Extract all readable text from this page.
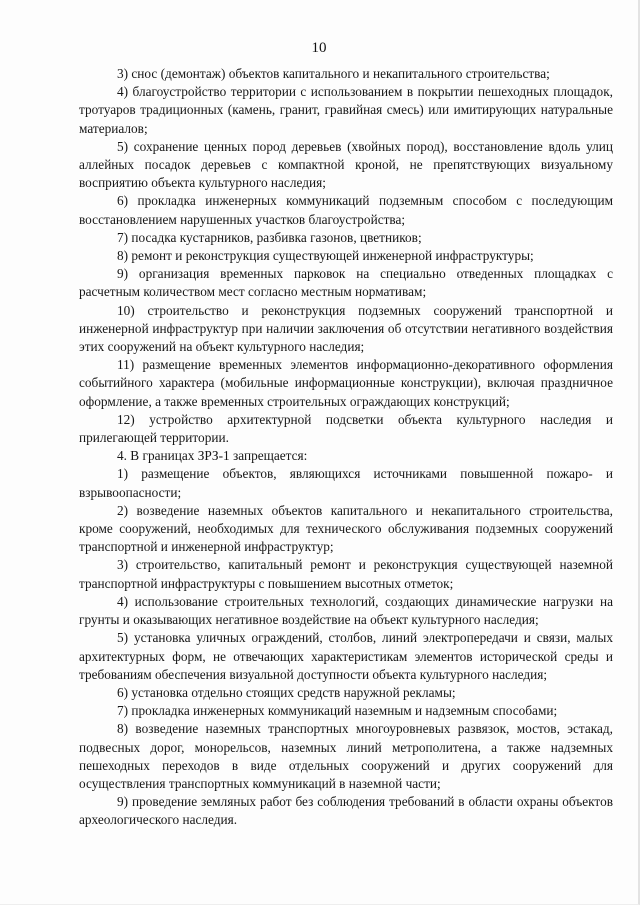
10

3) снос (демонтаж) объектов капитального и некапитального строительства;

4) благоустройство территории с использованием в покрытии пешеходных площадок, тротуаров традиционных (камень, гранит, гравийная смесь) или имитирующих натуральные материалов;

5) сохранение ценных пород деревьев (хвойных пород), восстановление вдоль улиц аллейных посадок деревьев с компактной кроной, не препятствующих визуальному восприятию объекта культурного наследия;

6) прокладка инженерных коммуникаций подземным способом с последующим восстановлением нарушенных участков благоустройства;

7) посадка кустарников, разбивка газонов, цветников;

8) ремонт и реконструкция существующей инженерной инфраструктуры;

9) организация временных парковок на специально отведенных площадках с расчетным количеством мест согласно местным нормативам;

10) строительство и реконструкция подземных сооружений транспортной и инженерной инфраструктур при наличии заключения об отсутствии негативного воздействия этих сооружений на объект культурного наследия;

11) размещение временных элементов информационно-декоративного оформления событийного характера (мобильные информационные конструкции), включая праздничное оформление, а также временных строительных ограждающих конструкций;

12) устройство архитектурной подсветки объекта культурного наследия и прилегающей территории.

4. В границах ЗРЗ-1 запрещается:

1) размещение объектов, являющихся источниками повышенной пожаро- и взрывоопасности;

2) возведение наземных объектов капитального и некапитального строительства, кроме сооружений, необходимых для технического обслуживания подземных сооружений транспортной и инженерной инфраструктур;

3) строительство, капитальный ремонт и реконструкция существующей наземной транспортной инфраструктуры с повышением высотных отметок;

4) использование строительных технологий, создающих динамические нагрузки на грунты и оказывающих негативное воздействие на объект культурного наследия;

5) установка уличных ограждений, столбов, линий электропередачи и связи, малых архитектурных форм, не отвечающих характеристикам элементов исторической среды и требованиям обеспечения визуальной доступности объекта культурного наследия;

6) установка отдельно стоящих средств наружной рекламы;

7) прокладка инженерных коммуникаций наземным и надземным способами;

8) возведение наземных транспортных многоуровневых развязок, мостов, эстакад, подвесных дорог, монорельсов, наземных линий метрополитена, а также надземных пешеходных переходов в виде отдельных сооружений и других сооружений для осуществления транспортных коммуникаций в наземной части;

9) проведение земляных работ без соблюдения требований в области охраны объектов археологического наследия.
